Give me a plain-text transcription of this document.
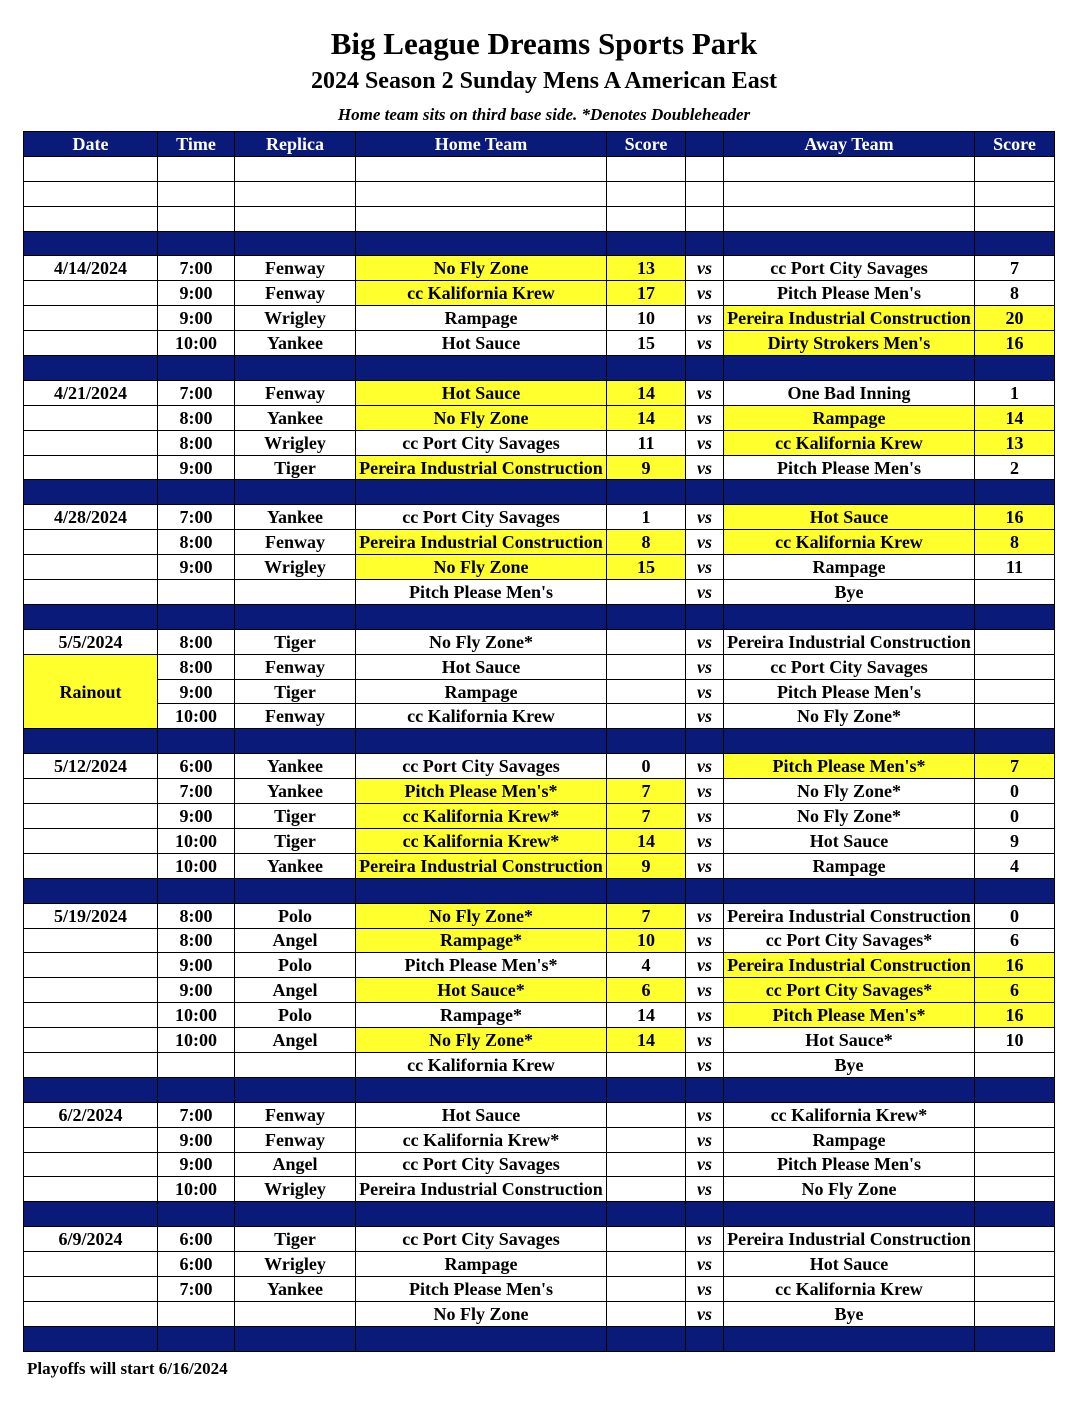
Big League Dreams Sports Park
2024 Season 2 Sunday Mens A American East
Home team sits on third base side. *Denotes Doubleheader
Date	Time	Replica	Home Team	Score		Away Team	Score

4/14/2024	7:00	Fenway	No Fly Zone	13	vs	cc Port City Savages	7
	9:00	Fenway	cc Kalifornia Krew	17	vs	Pitch Please Men's	8
	9:00	Wrigley	Rampage	10	vs	Pereira Industrial Construction	20
	10:00	Yankee	Hot Sauce	15	vs	Dirty Strokers Men's	16

4/21/2024	7:00	Fenway	Hot Sauce	14	vs	One Bad Inning	1
	8:00	Yankee	No Fly Zone	14	vs	Rampage	14
	8:00	Wrigley	cc Port City Savages	11	vs	cc Kalifornia Krew	13
	9:00	Tiger	Pereira Industrial Construction	9	vs	Pitch Please Men's	2

4/28/2024	7:00	Yankee	cc Port City Savages	1	vs	Hot Sauce	16
	8:00	Fenway	Pereira Industrial Construction	8	vs	cc Kalifornia Krew	8
	9:00	Wrigley	No Fly Zone	15	vs	Rampage	11
			Pitch Please Men's		vs	Bye	

5/5/2024	8:00	Tiger	No Fly Zone*		vs	Pereira Industrial Construction	
Rainout	8:00	Fenway	Hot Sauce		vs	cc Port City Savages	
	9:00	Tiger	Rampage		vs	Pitch Please Men's	
	10:00	Fenway	cc Kalifornia Krew		vs	No Fly Zone*	

5/12/2024	6:00	Yankee	cc Port City Savages	0	vs	Pitch Please Men's*	7
	7:00	Yankee	Pitch Please Men's*	7	vs	No Fly Zone*	0
	9:00	Tiger	cc Kalifornia Krew*	7	vs	No Fly Zone*	0
	10:00	Tiger	cc Kalifornia Krew*	14	vs	Hot Sauce	9
	10:00	Yankee	Pereira Industrial Construction	9	vs	Rampage	4

5/19/2024	8:00	Polo	No Fly Zone*	7	vs	Pereira Industrial Construction	0
	8:00	Angel	Rampage*	10	vs	cc Port City Savages*	6
	9:00	Polo	Pitch Please Men's*	4	vs	Pereira Industrial Construction	16
	9:00	Angel	Hot Sauce*	6	vs	cc Port City Savages*	6
	10:00	Polo	Rampage*	14	vs	Pitch Please Men's*	16
	10:00	Angel	No Fly Zone*	14	vs	Hot Sauce*	10
			cc Kalifornia Krew		vs	Bye	

6/2/2024	7:00	Fenway	Hot Sauce		vs	cc Kalifornia Krew*	
	9:00	Fenway	cc Kalifornia Krew*		vs	Rampage	
	9:00	Angel	cc Port City Savages		vs	Pitch Please Men's	
	10:00	Wrigley	Pereira Industrial Construction		vs	No Fly Zone	

6/9/2024	6:00	Tiger	cc Port City Savages		vs	Pereira Industrial Construction	
	6:00	Wrigley	Rampage		vs	Hot Sauce	
	7:00	Yankee	Pitch Please Men's		vs	cc Kalifornia Krew	
			No Fly Zone		vs	Bye	

Playoffs will start 6/16/2024
